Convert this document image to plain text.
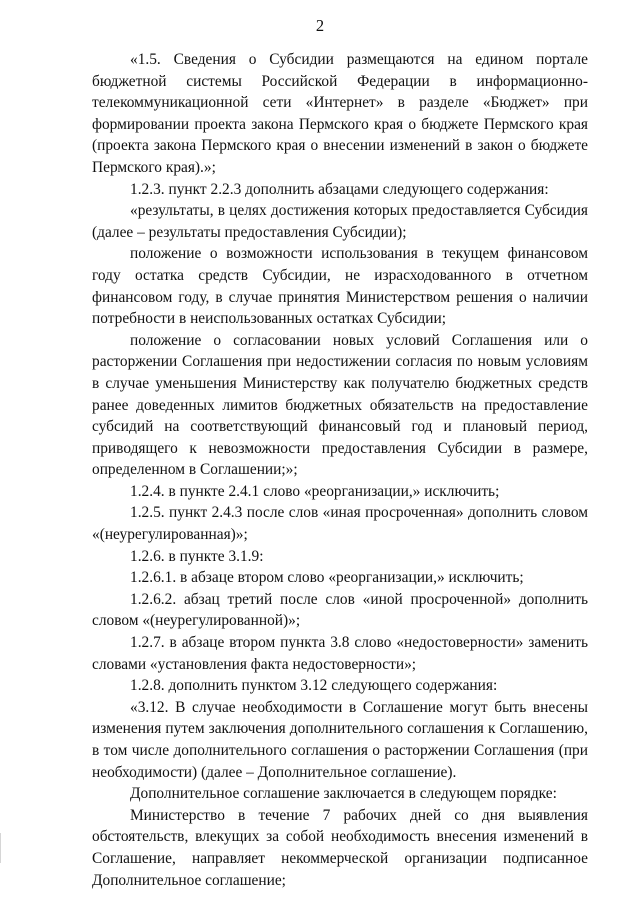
2

«1.5. Сведения о Субсидии размещаются на едином портале бюджетной системы Российской Федерации в информационно-телекоммуникационной сети «Интернет» в разделе «Бюджет» при формировании проекта закона Пермского края о бюджете Пермского края (проекта закона Пермского края о внесении изменений в закон о бюджете Пермского края).»;

1.2.3. пункт 2.2.3 дополнить абзацами следующего содержания:

«результаты, в целях достижения которых предоставляется Субсидия (далее – результаты предоставления Субсидии);

положение о возможности использования в текущем финансовом году остатка средств Субсидии, не израсходованного в отчетном финансовом году, в случае принятия Министерством решения о наличии потребности в неиспользованных остатках Субсидии;

положение о согласовании новых условий Соглашения или о расторжении Соглашения при недостижении согласия по новым условиям в случае уменьшения Министерству как получателю бюджетных средств ранее доведенных лимитов бюджетных обязательств на предоставление субсидий на соответствующий финансовый год и плановый период, приводящего к невозможности предоставления Субсидии в размере, определенном в Соглашении;»;

1.2.4. в пункте 2.4.1 слово «реорганизации,» исключить;

1.2.5. пункт 2.4.3 после слов «иная просроченная» дополнить словом «(неурегулированная)»;

1.2.6. в пункте 3.1.9:

1.2.6.1. в абзаце втором слово «реорганизации,» исключить;

1.2.6.2. абзац третий после слов «иной просроченной» дополнить словом «(неурегулированной)»;

1.2.7. в абзаце втором пункта 3.8 слово «недостоверности» заменить словами «установления факта недостоверности»;

1.2.8. дополнить пунктом 3.12 следующего содержания:

«3.12. В случае необходимости в Соглашение могут быть внесены изменения путем заключения дополнительного соглашения к Соглашению, в том числе дополнительного соглашения о расторжении Соглашения (при необходимости) (далее – Дополнительное соглашение).

Дополнительное соглашение заключается в следующем порядке:

Министерство в течение 7 рабочих дней со дня выявления обстоятельств, влекущих за собой необходимость внесения изменений в Соглашение, направляет некоммерческой организации подписанное Дополнительное соглашение;
